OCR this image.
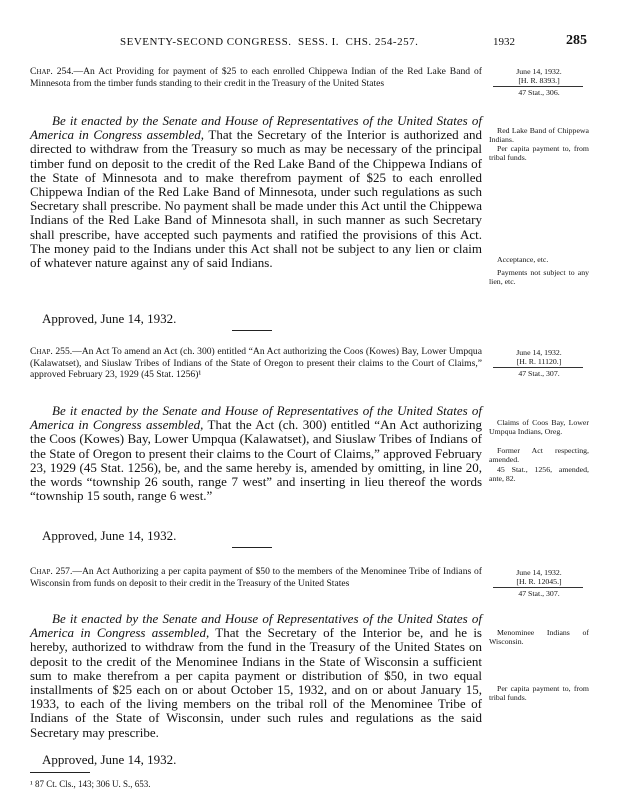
SEVENTY-SECOND CONGRESS. SESS. I. CHS. 254-257.	1932	285
Chap. 254.—An Act Providing for payment of $25 to each enrolled Chippewa Indian of the Red Lake Band of Minnesota from the timber funds standing to their credit in the Treasury of the United States
June 14, 1932.
[H. R. 8393.]
47 Stat., 306.

Be it enacted by the Senate and House of Representatives of the United States of America in Congress assembled, That the Secretary of the Interior is authorized and directed to withdraw from the Treasury so much as may be necessary of the principal timber fund on deposit to the credit of the Red Lake Band of the Chippewa Indians of the State of Minnesota and to make therefrom payment of $25 to each enrolled Chippewa Indian of the Red Lake Band of Minnesota, under such regulations as such Secretary shall prescribe. No payment shall be made under this Act until the Chippewa Indians of the Red Lake Band of Minnesota shall, in such manner as such Secretary shall prescribe, have accepted such payments and ratified the provisions of this Act. The money paid to the Indians under this Act shall not be subject to any lien or claim of whatever nature against any of said Indians.

Approved, June 14, 1932.
Red Lake Band of Chippewa Indians.
Per capita payment to, from tribal funds.
Acceptance, etc.
Payments not subject to any lien, etc.
Chap. 255.—An Act To amend an Act (ch. 300) entitled “An Act authorizing the Coos (Kowes) Bay, Lower Umpqua (Kalawatset), and Siuslaw Tribes of Indians of the State of Oregon to present their claims to the Court of Claims,” approved February 23, 1929 (45 Stat. 1256)¹
June 14, 1932.
[H. R. 11120.]
47 Stat., 307.

Be it enacted by the Senate and House of Representatives of the United States of America in Congress assembled, That the Act (ch. 300) entitled “An Act authorizing the Coos (Kowes) Bay, Lower Umpqua (Kalawatset), and Siuslaw Tribes of Indians of the State of Oregon to present their claims to the Court of Claims,” approved February 23, 1929 (45 Stat. 1256), be, and the same hereby is, amended by omitting, in line 20, the words “township 26 south, range 7 west” and inserting in lieu thereof the words “township 15 south, range 6 west.”

Approved, June 14, 1932.
Claims of Coos Bay, Lower Umpqua Indians, Oreg.
Former Act respecting, amended.
45 Stat., 1256, amended, ante, 82.
Chap. 257.—An Act Authorizing a per capita payment of $50 to the members of the Menominee Tribe of Indians of Wisconsin from funds on deposit to their credit in the Treasury of the United States
June 14, 1932.
[H. R. 12045.]
47 Stat., 307.

Be it enacted by the Senate and House of Representatives of the United States of America in Congress assembled, That the Secretary of the Interior be, and he is hereby, authorized to withdraw from the fund in the Treasury of the United States on deposit to the credit of the Menominee Indians in the State of Wisconsin a sufficient sum to make therefrom a per capita payment or distribution of $50, in two equal installments of $25 each on or about October 15, 1932, and on or about January 15, 1933, to each of the living members on the tribal roll of the Menominee Tribe of Indians of the State of Wisconsin, under such rules and regulations as the said Secretary may prescribe.

Approved, June 14, 1932.
Menominee Indians of Wisconsin.
Per capita payment to, from tribal funds.
¹ 87 Ct. Cls., 143; 306 U. S., 653.
